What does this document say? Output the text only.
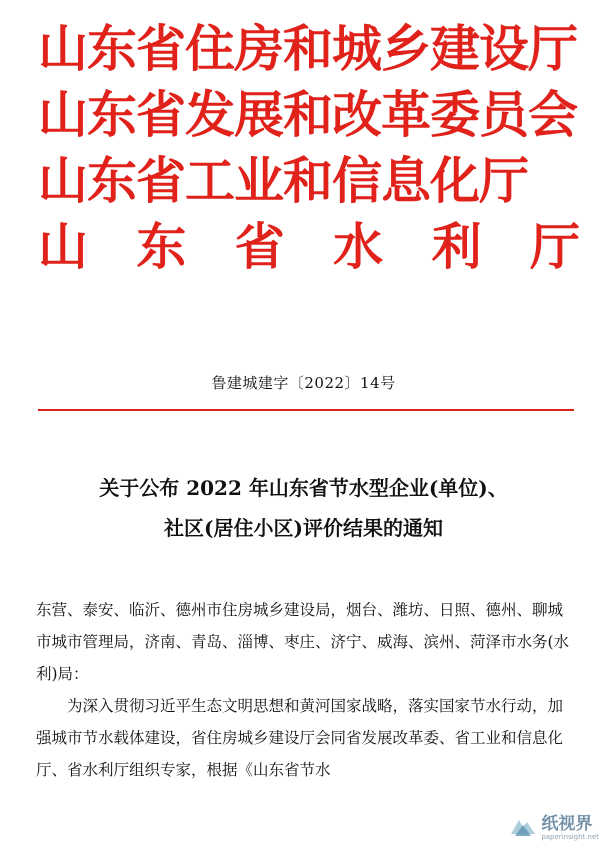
山东省住房和城乡建设厅
山东省发展和改革委员会
山东省工业和信息化厅
山 东 省 水 利 厅
鲁建城建字〔2022〕14号
关于公布 2022 年山东省节水型企业(单位)、
社区(居住小区)评价结果的通知

东营、泰安、临沂、德州市住房城乡建设局，烟台、潍坊、日照、德州、聊城市城市管理局，济南、青岛、淄博、枣庄、济宁、威海、滨州、菏泽市水务(水利)局：

为深入贯彻习近平生态文明思想和黄河国家战略，落实国家节水行动，加强城市节水载体建设，省住房城乡建设厅会同省发展改革委、省工业和信息化厅、省水利厅组织专家，根据《山东省节水

纸视界
paperinsight.net
